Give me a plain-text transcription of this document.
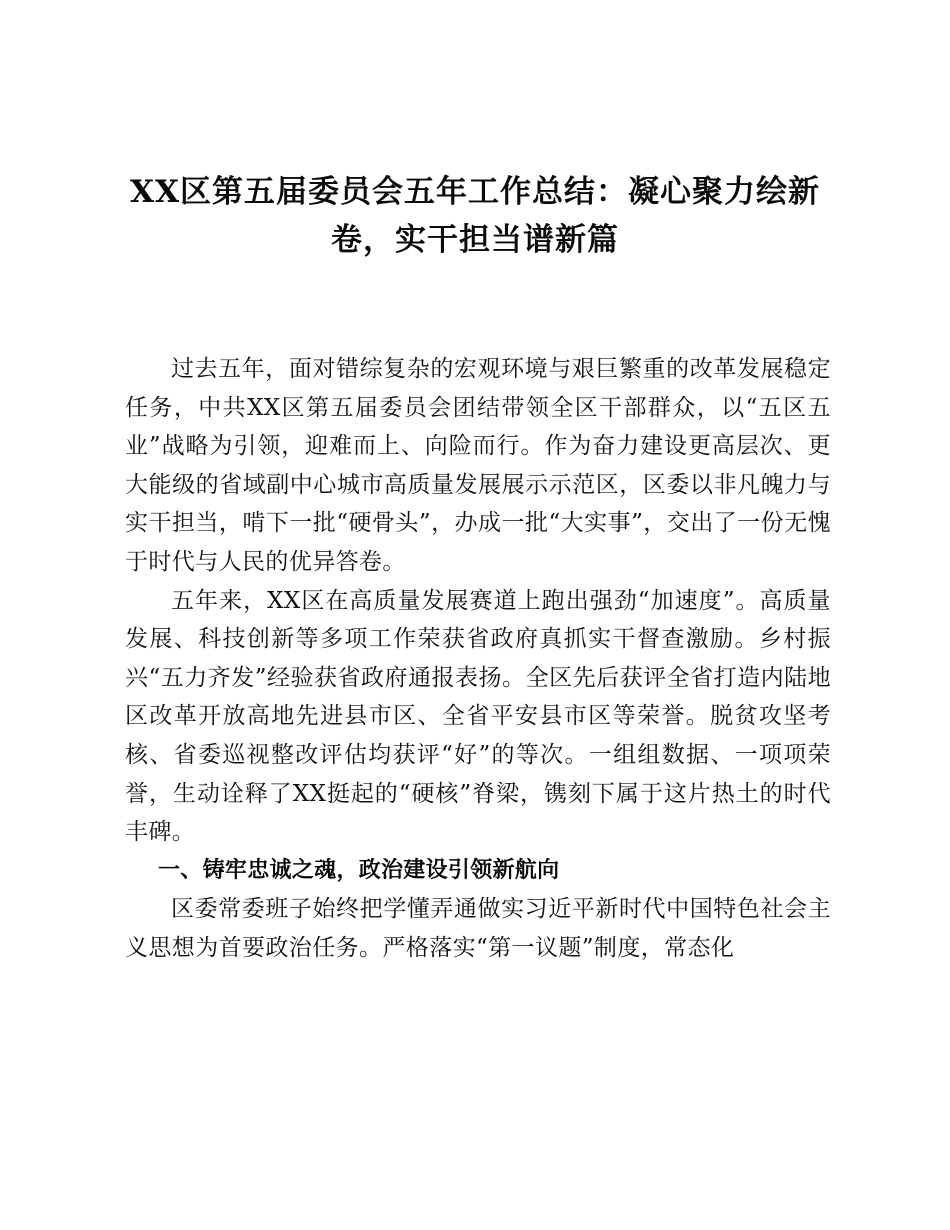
XX区第五届委员会五年工作总结：凝心聚力绘新卷，实干担当谱新篇

过去五年，面对错综复杂的宏观环境与艰巨繁重的改革发展稳定任务，中共XX区第五届委员会团结带领全区干部群众，以“五区五业”战略为引领，迎难而上、向险而行。作为奋力建设更高层次、更大能级的省域副中心城市高质量发展展示示范区，区委以非凡魄力与实干担当，啃下一批“硬骨头”，办成一批“大实事”，交出了一份无愧于时代与人民的优异答卷。

五年来，XX区在高质量发展赛道上跑出强劲“加速度”。高质量发展、科技创新等多项工作荣获省政府真抓实干督查激励。乡村振兴“五力齐发”经验获省政府通报表扬。全区先后获评全省打造内陆地区改革开放高地先进县市区、全省平安县市区等荣誉。脱贫攻坚考核、省委巡视整改评估均获评“好”的等次。一组组数据、一项项荣誉，生动诠释了XX挺起的“硬核”脊梁，镌刻下属于这片热土的时代丰碑。

一、铸牢忠诚之魂，政治建设引领新航向

区委常委班子始终把学懂弄通做实习近平新时代中国特色社会主义思想为首要政治任务。严格落实“第一议题”制度，常态化
